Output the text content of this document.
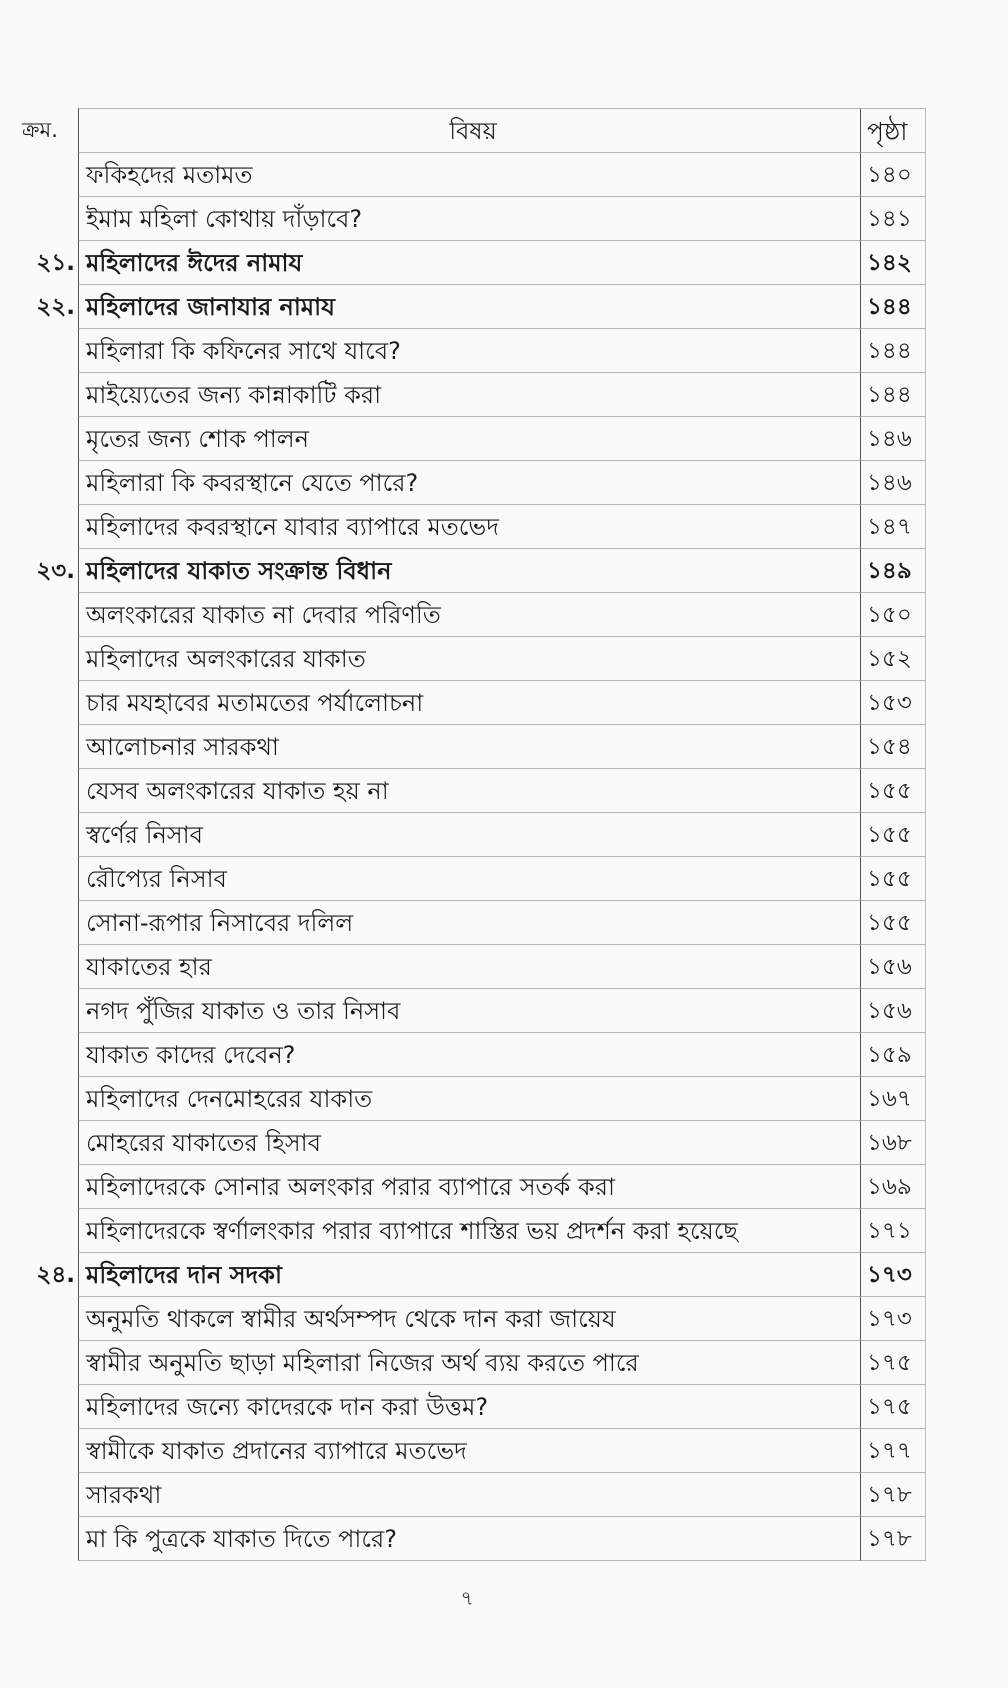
ক্রম.	বিষয়	পৃষ্ঠা
ফকিহদের মতামত	১৪০
ইমাম মহিলা কোথায় দাঁড়াবে?	১৪১
২১. মহিলাদের ঈদের নামায	১৪২
২২. মহিলাদের জানাযার নামায	১৪৪
মহিলারা কি কফিনের সাথে যাবে?	১৪৪
মাইয়্যেতের জন্য কান্নাকাটি করা	১৪৪
মৃতের জন্য শোক পালন	১৪৬
মহিলারা কি কবরস্থানে যেতে পারে?	১৪৬
মহিলাদের কবরস্থানে যাবার ব্যাপারে মতভেদ	১৪৭
২৩. মহিলাদের যাকাত সংক্রান্ত বিধান	১৪৯
অলংকারের যাকাত না দেবার পরিণতি	১৫০
মহিলাদের অলংকারের যাকাত	১৫২
চার মযহাবের মতামতের পর্যালোচনা	১৫৩
আলোচনার সারকথা	১৫৪
যেসব অলংকারের যাকাত হয় না	১৫৫
স্বর্ণের নিসাব	১৫৫
রৌপ্যের নিসাব	১৫৫
সোনা-রূপার নিসাবের দলিল	১৫৫
যাকাতের হার	১৫৬
নগদ পুঁজির যাকাত ও তার নিসাব	১৫৬
যাকাত কাদের দেবেন?	১৫৯
মহিলাদের দেনমোহরের যাকাত	১৬৭
মোহরের যাকাতের হিসাব	১৬৮
মহিলাদেরকে সোনার অলংকার পরার ব্যাপারে সতর্ক করা	১৬৯
মহিলাদেরকে স্বর্ণালংকার পরার ব্যাপারে শাস্তির ভয় প্রদর্শন করা হয়েছে	১৭১
২৪. মহিলাদের দান সদকা	১৭৩
অনুমতি থাকলে স্বামীর অর্থসম্পদ থেকে দান করা জায়েয	১৭৩
স্বামীর অনুমতি ছাড়া মহিলারা নিজের অর্থ ব্যয় করতে পারে	১৭৫
মহিলাদের জন্যে কাদেরকে দান করা উত্তম?	১৭৫
স্বামীকে যাকাত প্রদানের ব্যাপারে মতভেদ	১৭৭
সারকথা	১৭৮
মা কি পুত্রকে যাকাত দিতে পারে?	১৭৮
৭
